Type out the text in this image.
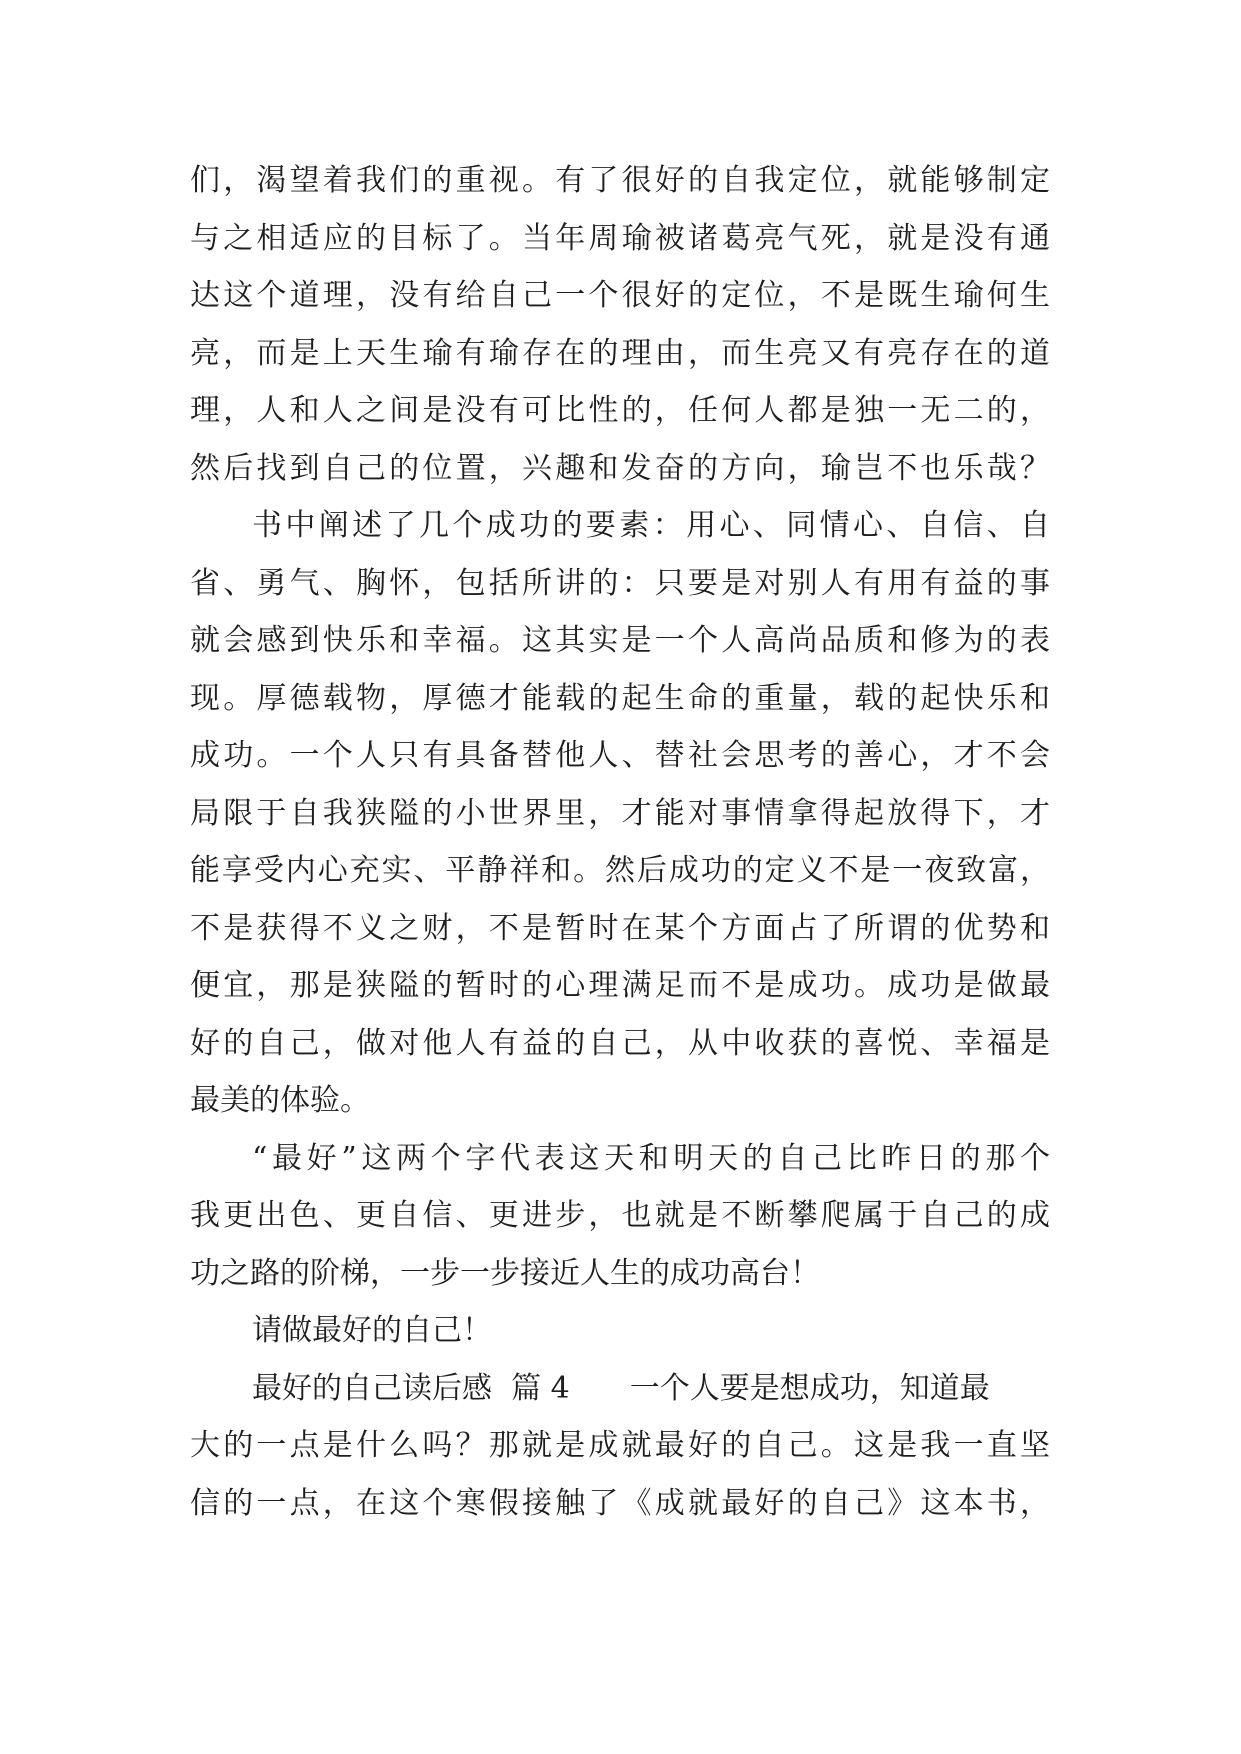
们，渴望着我们的重视。有了很好的自我定位，就能够制定
与之相适应的目标了。当年周瑜被诸葛亮气死，就是没有通
达这个道理，没有给自己一个很好的定位，不是既生瑜何生
亮，而是上天生瑜有瑜存在的理由，而生亮又有亮存在的道
理，人和人之间是没有可比性的，任何人都是独一无二的，
然后找到自己的位置，兴趣和发奋的方向，瑜岂不也乐哉？
书中阐述了几个成功的要素：用心、同情心、自信、自
省、勇气、胸怀，包括所讲的：只要是对别人有用有益的事
就会感到快乐和幸福。这其实是一个人高尚品质和修为的表
现。厚德载物，厚德才能载的起生命的重量，载的起快乐和
成功。一个人只有具备替他人、替社会思考的善心，才不会
局限于自我狭隘的小世界里，才能对事情拿得起放得下，才
能享受内心充实、平静祥和。然后成功的定义不是一夜致富，
不是获得不义之财，不是暂时在某个方面占了所谓的优势和
便宜，那是狭隘的暂时的心理满足而不是成功。成功是做最
好的自己，做对他人有益的自己，从中收获的喜悦、幸福是
最美的体验。
“最好”这两个字代表这天和明天的自己比昨日的那个
我更出色、更自信、更进步，也就是不断攀爬属于自己的成
功之路的阶梯，一步一步接近人生的成功高台！
请做最好的自己！
最好的自己读后感  篇 4 一个人要是想成功，知道最
大的一点是什么吗？那就是成就最好的自己。这是我一直坚
信的一点，在这个寒假接触了《成就最好的自己》这本书，
